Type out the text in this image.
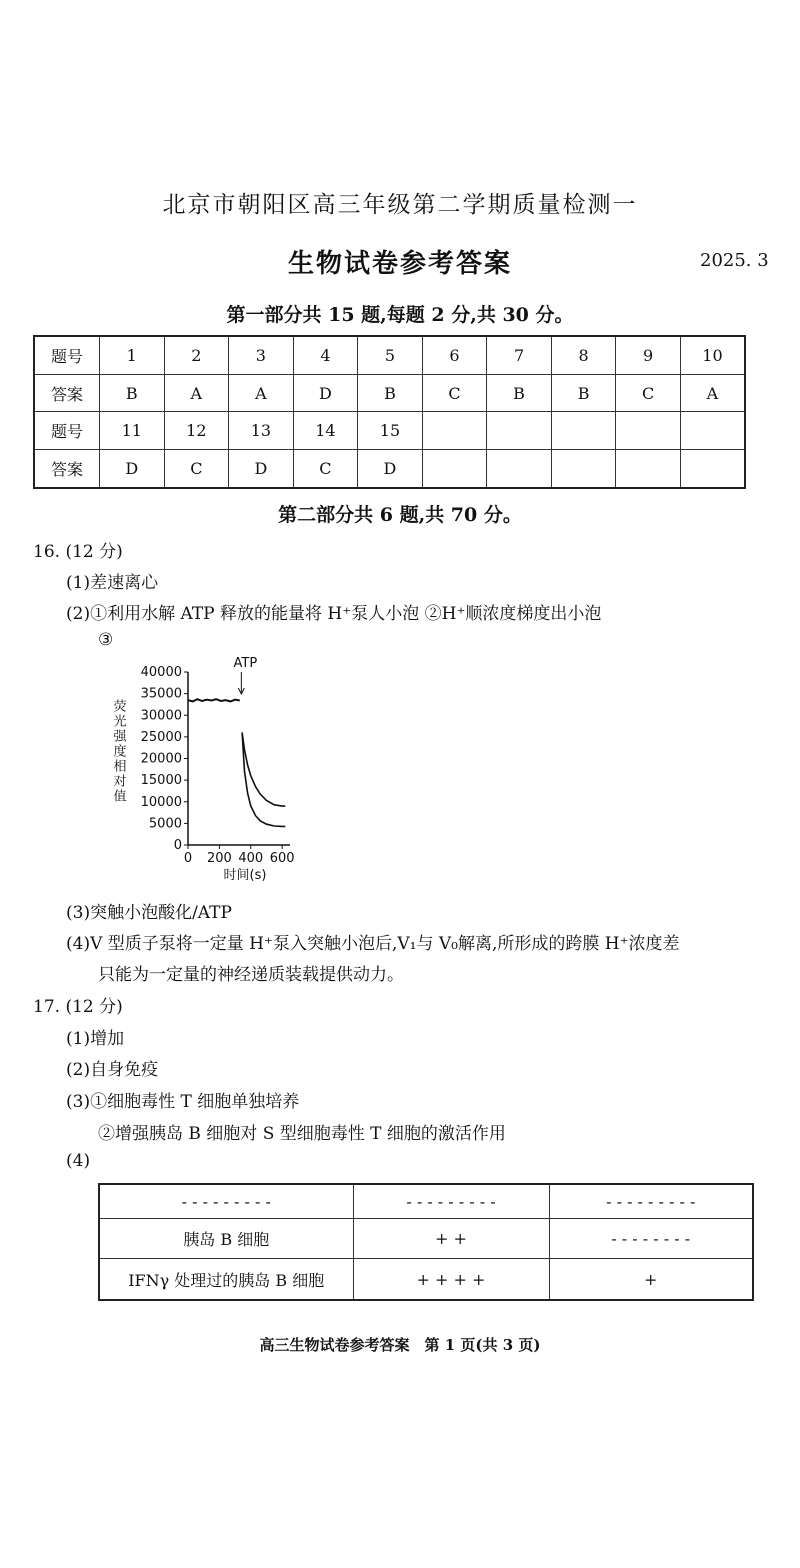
北京市朝阳区高三年级第二学期质量检测一
生物试卷参考答案	2025. 3
第一部分共 15 题,每题 2 分,共 30 分。
题号	1	2	3	4	5	6	7	8	9	10
答案	B	A	A	D	B	C	B	B	C	A
题号	11	12	13	14	15					
答案	D	C	D	C	D					
第二部分共 6 题,共 70 分。
16. (12 分)
(1)差速离心
(2)①利用水解 ATP 释放的能量将 H⁺泵人小泡 ②H⁺顺浓度梯度出小泡
③
0
5000
10000
15000
20000
25000
30000
35000
40000
0 200 400 600
时间(s)
荧光强度相对值
ATP
(3)突触小泡酸化/ATP
(4)V 型质子泵将一定量 H⁺泵入突触小泡后,V₁与 V₀解离,所形成的跨膜 H⁺浓度差
只能为一定量的神经递质装载提供动力。
17. (12 分)
(1)增加
(2)自身免疫
(3)①细胞毒性 T 细胞单独培养
②增强胰岛 B 细胞对 S 型细胞毒性 T 细胞的激活作用
(4)
- - - - - - - - -	- - - - - - - - -	- - - - - - - - -
胰岛 B 细胞	+ +	- - - - - - - -
IFNγ 处理过的胰岛 B 细胞	+ + + +	+
高三生物试卷参考答案　第 1 页(共 3 页)
